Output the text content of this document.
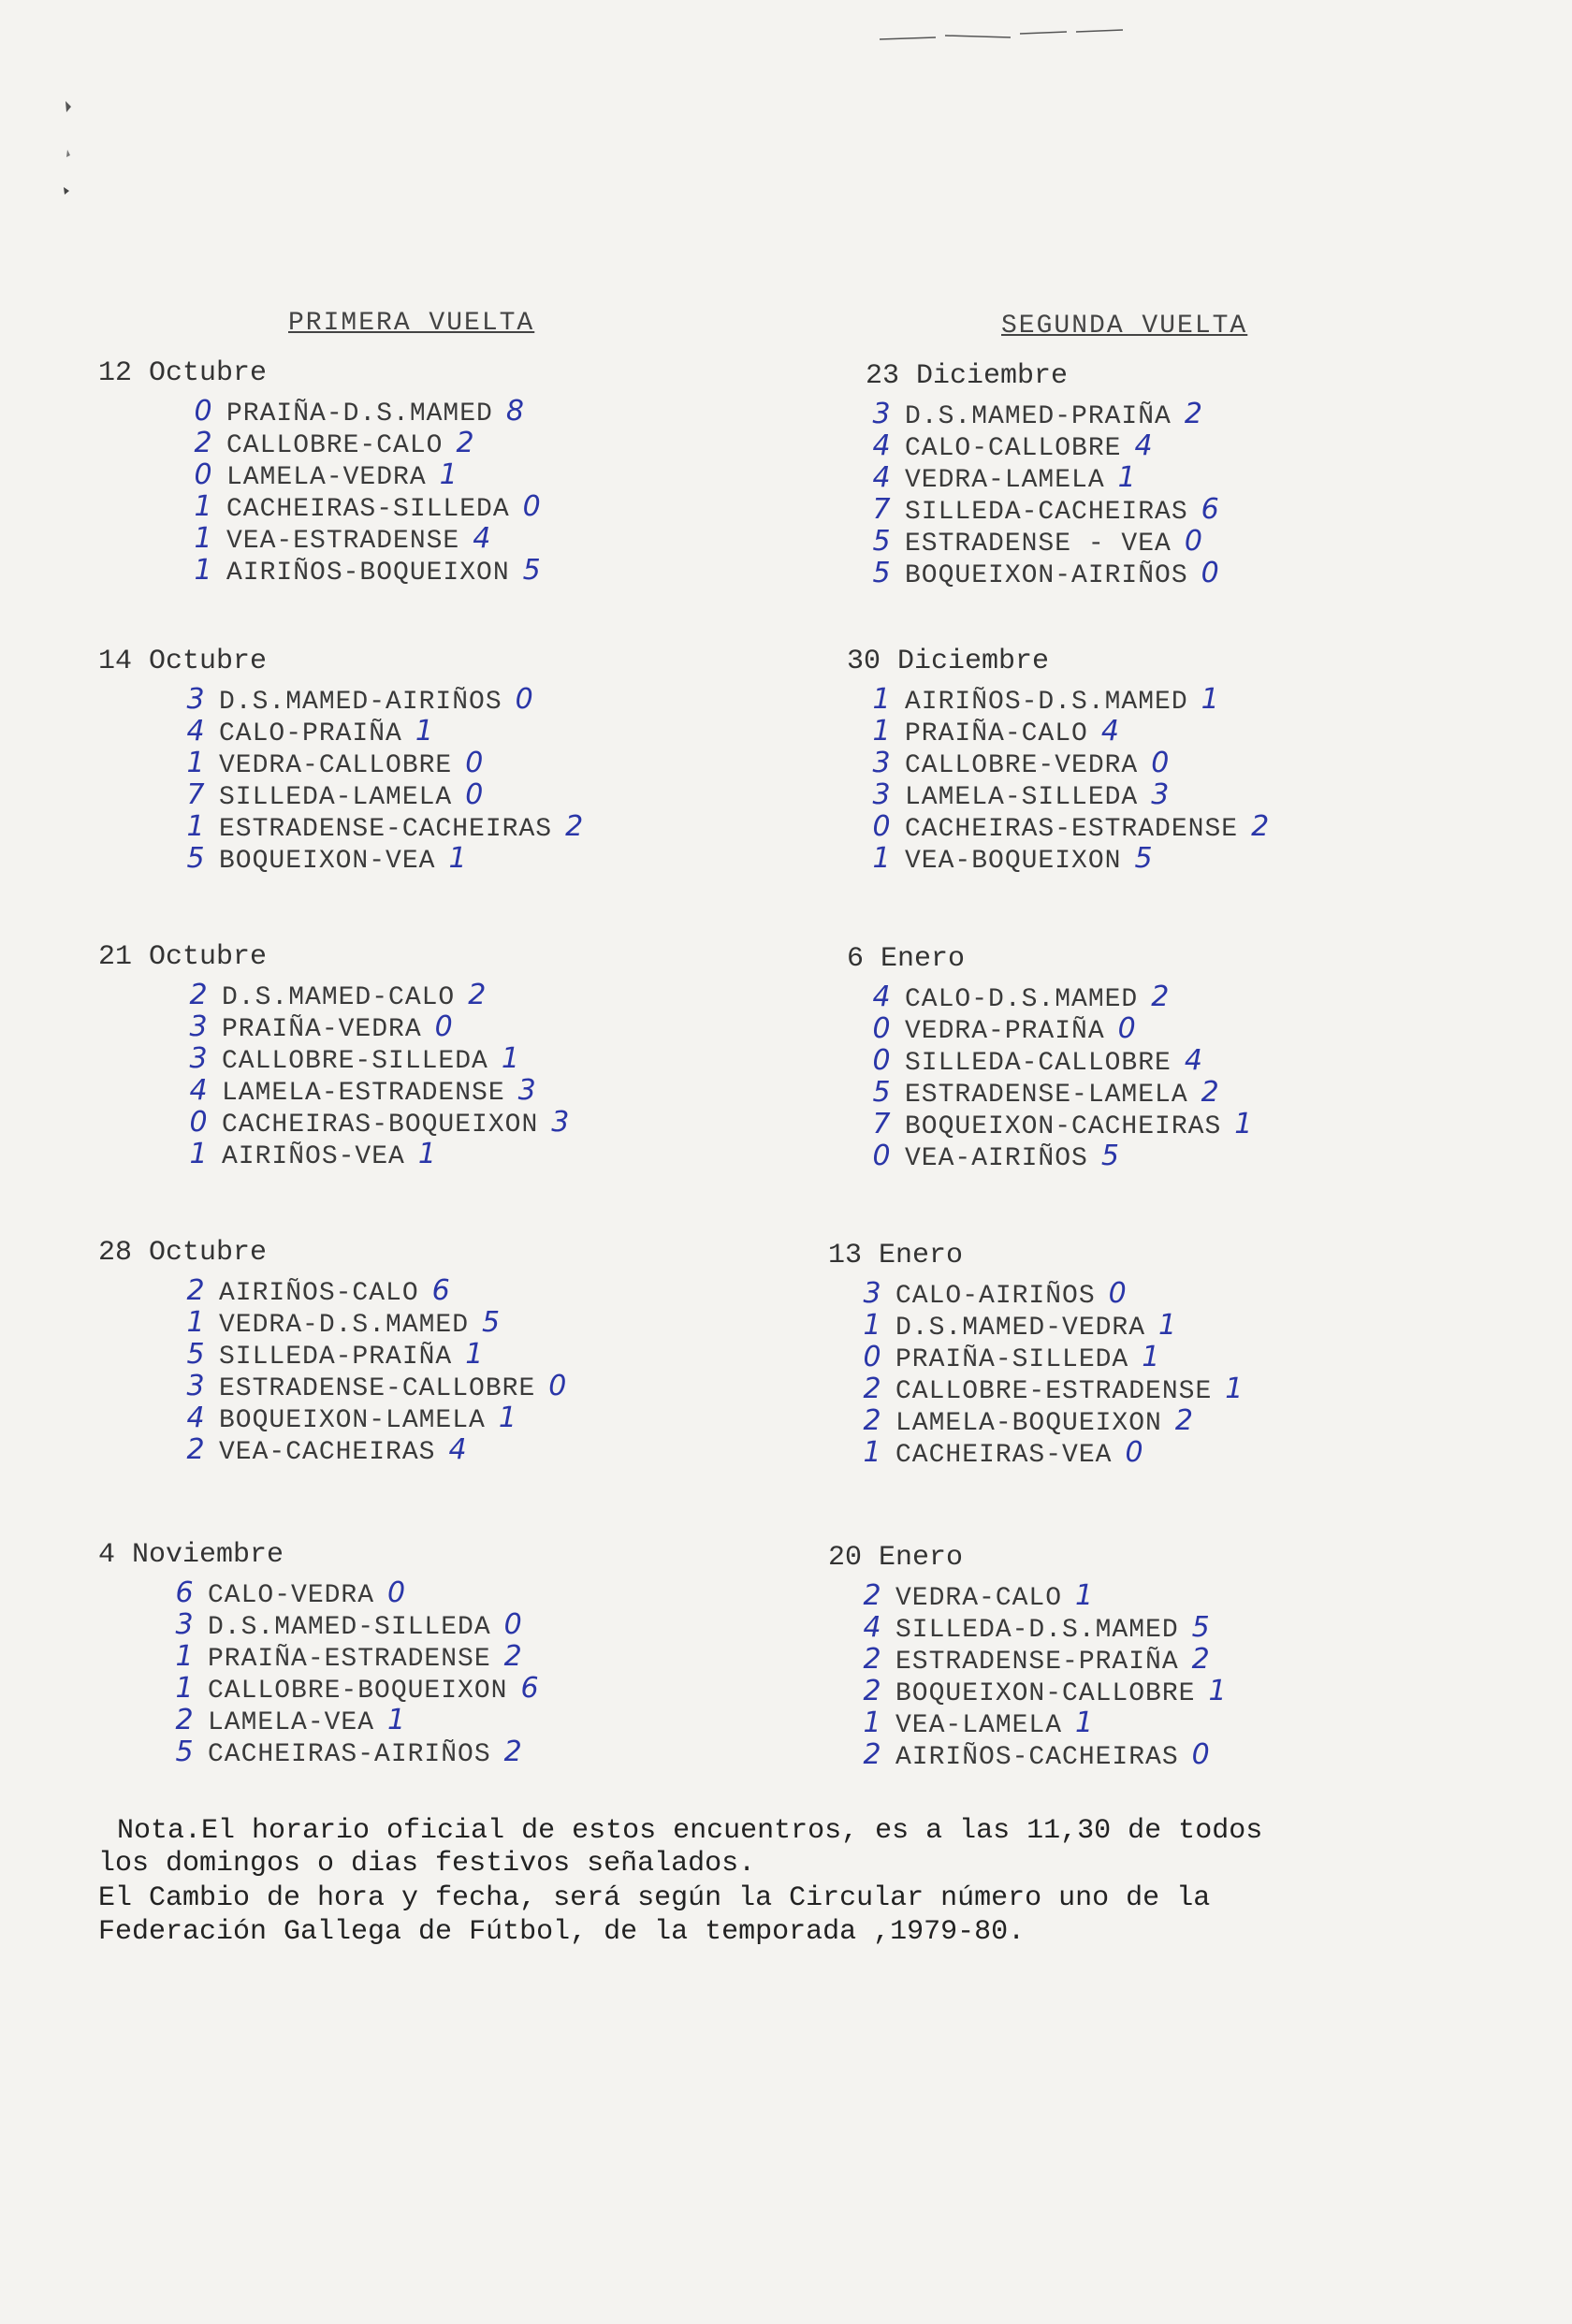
PRIMERA VUELTA	SEGUNDA VUELTA
12 Octubre
0 PRAIÑA-D.S.MAMED 8
2 CALLOBRE-CALO 2
0 LAMELA-VEDRA 1
1 CACHEIRAS-SILLEDA 0
1 VEA-ESTRADENSE 4
1 AIRIÑOS-BOQUEIXON 5
14 Octubre
3 D.S.MAMED-AIRIÑOS 0
4 CALO-PRAIÑA 1
1 VEDRA-CALLOBRE 0
7 SILLEDA-LAMELA 0
1 ESTRADENSE-CACHEIRAS 2
5 BOQUEIXON-VEA 1
21 Octubre
2 D.S.MAMED-CALO 2
3 PRAIÑA-VEDRA 0
3 CALLOBRE-SILLEDA 1
4 LAMELA-ESTRADENSE 3
0 CACHEIRAS-BOQUEIXON 3
1 AIRIÑOS-VEA 1
28 Octubre
2 AIRIÑOS-CALO 6
1 VEDRA-D.S.MAMED 5
5 SILLEDA-PRAIÑA 1
3 ESTRADENSE-CALLOBRE 0
4 BOQUEIXON-LAMELA 1
2 VEA-CACHEIRAS 4
4 Noviembre
6 CALO-VEDRA 0
3 D.S.MAMED-SILLEDA 0
1 PRAIÑA-ESTRADENSE 2
1 CALLOBRE-BOQUEIXON 6
2 LAMELA-VEA 1
5 CACHEIRAS-AIRIÑOS 2
23 Diciembre
3 D.S.MAMED-PRAIÑA 2
4 CALO-CALLOBRE 4
4 VEDRA-LAMELA 1
7 SILLEDA-CACHEIRAS 6
5 ESTRADENSE - VEA 0
5 BOQUEIXON-AIRIÑOS 0
30 Diciembre
1 AIRIÑOS-D.S.MAMED 1
1 PRAIÑA-CALO 4
3 CALLOBRE-VEDRA 0
3 LAMELA-SILLEDA 3
0 CACHEIRAS-ESTRADENSE 2
1 VEA-BOQUEIXON 5
6 Enero
4 CALO-D.S.MAMED 2
0 VEDRA-PRAIÑA 0
0 SILLEDA-CALLOBRE 4
5 ESTRADENSE-LAMELA 2
7 BOQUEIXON-CACHEIRAS 1
0 VEA-AIRIÑOS 5
13 Enero
3 CALO-AIRIÑOS 0
1 D.S.MAMED-VEDRA 1
0 PRAIÑA-SILLEDA 1
2 CALLOBRE-ESTRADENSE 1
2 LAMELA-BOQUEIXON 2
1 CACHEIRAS-VEA 0
20 Enero
2 VEDRA-CALO 1
4 SILLEDA-D.S.MAMED 5
2 ESTRADENSE-PRAIÑA 2
2 BOQUEIXON-CALLOBRE 1
1 VEA-LAMELA 1
2 AIRIÑOS-CACHEIRAS 0
Nota.El horario oficial de estos encuentros, es a las 11,30 de todos
los domingos o dias festivos señalados.
El Cambio de hora y fecha, será según la Circular número uno de la
Federación Gallega de Fútbol, de la temporada ,1979-80.
